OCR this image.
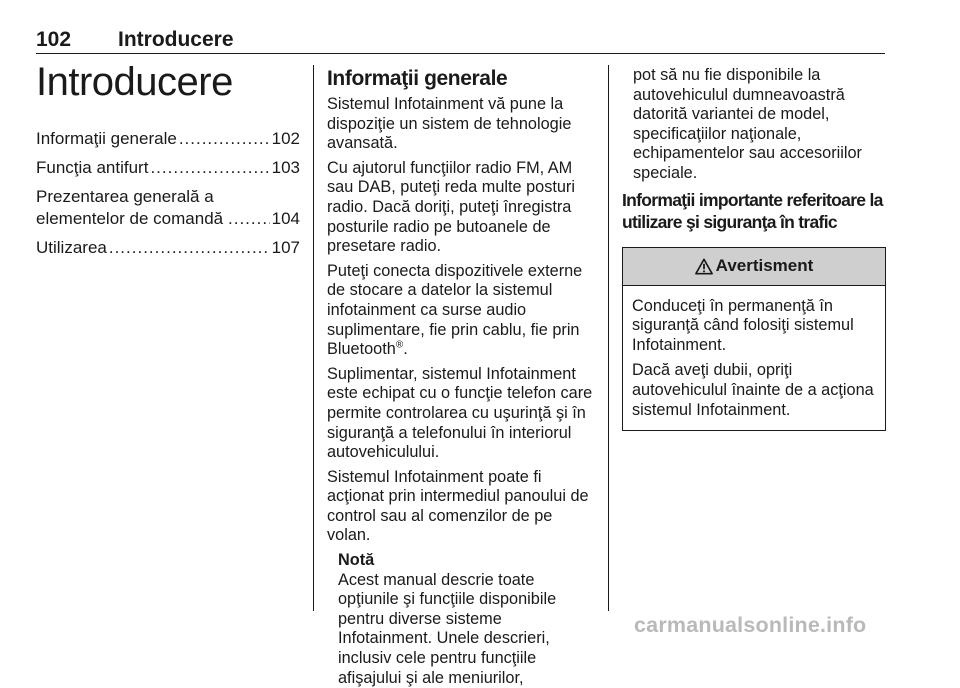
102 Introducere
Introducere
Informaţii generale .....	102
Funcţia antifurt .....	103
Prezentarea generală a elementelor de comandă .....	104
Utilizarea .....	107
Informaţii generale

Sistemul Infotainment vă pune la dispoziţie un sistem de tehnologie avansată.

Cu ajutorul funcţiilor radio FM, AM sau DAB, puteţi reda multe posturi radio. Dacă doriţi, puteţi înregistra posturile radio pe butoanele de presetare radio.

Puteţi conecta dispozitivele externe de stocare a datelor la sistemul infotainment ca surse audio suplimentare, fie prin cablu, fie prin
Bluetooth®.

Suplimentar, sistemul Infotainment este echipat cu o funcţie telefon care permite controlarea cu uşurinţă şi în siguranţă a telefonului în interiorul autovehiculului.

Sistemul Infotainment poate fi acţionat prin intermediul panoului de control sau al comenzilor de pe volan.

Notă
Acest manual descrie toate opţiunile şi funcţiile disponibile pentru diverse sisteme Infotainment. Unele descrieri, inclusiv cele pentru funcţiile afişajului şi ale meniurilor,

pot să nu fie disponibile la autovehiculul dumneavoastră datorită variantei de model, specificaţiilor naţionale, echipamentelor sau accesoriilor speciale.

Informaţii importante referitoare la utilizare şi siguranţa în trafic
Avertisment

Conduceţi în permanenţă în siguranţă când folosiţi sistemul Infotainment.

Dacă aveţi dubii, opriţi autovehiculul înainte de a acţiona sistemul Infotainment.

carmanualsonline.info
